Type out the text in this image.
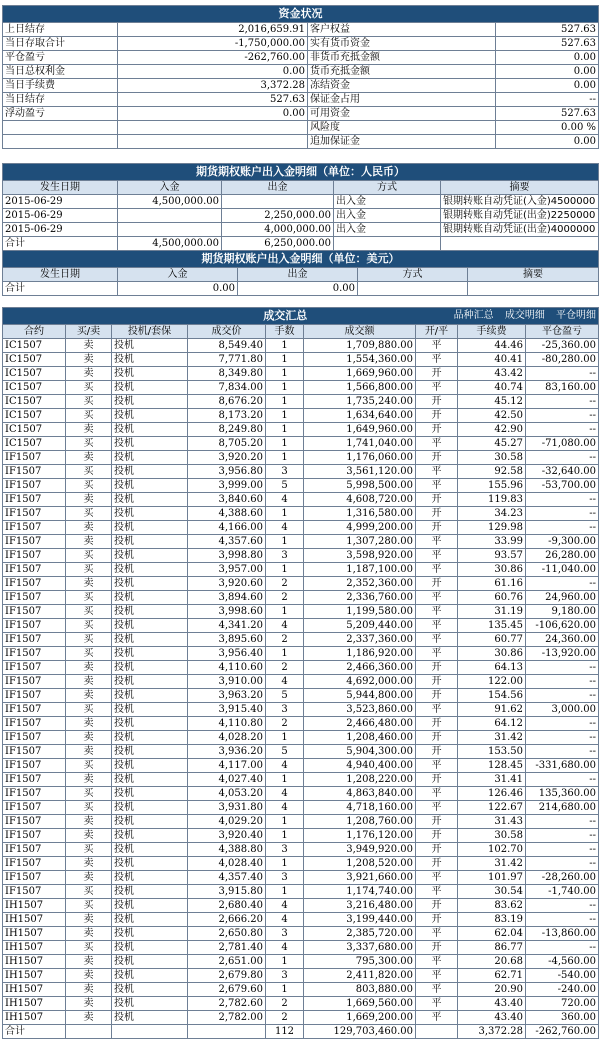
资金状况			
上日结存	2,016,659.91	客户权益	527.63
当日存取合计	-1,750,000.00	实有货币资金	527.63
平仓盈亏	-262,760.00	非货币充抵金额	0.00
当日总权利金	0.00	货币充抵金额	0.00
当日手续费	3,372.28	冻结资金	0.00
当日结存	527.63	保证金占用	--
浮动盈亏	0.00	可用资金	527.63
		风险度	0.00 %
		追加保证金	0.00
期货期权账户出入金明细（单位：人民币）				
发生日期	入金	出金	方式	摘要
2015-06-29	4,500,000.00		出入金	银期转账自动凭证(入金)4500000
2015-06-29		2,250,000.00	出入金	银期转账自动凭证(出金)2250000
2015-06-29		4,000,000.00	出入金	银期转账自动凭证(出金)4000000
合计	4,500,000.00	6,250,000.00		
期货期权账户出入金明细（单位：美元）				
发生日期	入金	出金	方式	摘要
合计	0.00	0.00		
成交汇总 品种汇总 成交明细 平仓明细								

合约	买/卖	投机/套保	成交价	手数	成交额	开/平	手续费	平仓盈亏
IC1507	卖	投机	8,549.40	1	1,709,880.00	平	44.46	-25,360.00
IC1507	卖	投机	7,771.80	1	1,554,360.00	平	40.41	-80,280.00
IC1507	卖	投机	8,349.80	1	1,669,960.00	开	43.42	--
IC1507	买	投机	7,834.00	1	1,566,800.00	平	40.74	83,160.00
IC1507	买	投机	8,676.20	1	1,735,240.00	开	45.12	--
IC1507	买	投机	8,173.20	1	1,634,640.00	开	42.50	--
IC1507	卖	投机	8,249.80	1	1,649,960.00	开	42.90	--
IC1507	买	投机	8,705.20	1	1,741,040.00	平	45.27	-71,080.00
IF1507	卖	投机	3,920.20	1	1,176,060.00	开	30.58	--
IF1507	买	投机	3,956.80	3	3,561,120.00	平	92.58	-32,640.00
IF1507	买	投机	3,999.00	5	5,998,500.00	平	155.96	-53,700.00
IF1507	卖	投机	3,840.60	4	4,608,720.00	开	119.83	--
IF1507	买	投机	4,388.60	1	1,316,580.00	开	34.23	--
IF1507	卖	投机	4,166.00	4	4,999,200.00	开	129.98	--
IF1507	卖	投机	4,357.60	1	1,307,280.00	平	33.99	-9,300.00
IF1507	买	投机	3,998.80	3	3,598,920.00	平	93.57	26,280.00
IF1507	买	投机	3,957.00	1	1,187,100.00	平	30.86	-11,040.00
IF1507	卖	投机	3,920.60	2	2,352,360.00	开	61.16	--
IF1507	买	投机	3,894.60	2	2,336,760.00	平	60.76	24,960.00
IF1507	买	投机	3,998.60	1	1,199,580.00	平	31.19	9,180.00
IF1507	买	投机	4,341.20	4	5,209,440.00	平	135.45	-106,620.00
IF1507	买	投机	3,895.60	2	2,337,360.00	平	60.77	24,360.00
IF1507	买	投机	3,956.40	1	1,186,920.00	平	30.86	-13,920.00
IF1507	卖	投机	4,110.60	2	2,466,360.00	开	64.13	--
IF1507	卖	投机	3,910.00	4	4,692,000.00	开	122.00	--
IF1507	卖	投机	3,963.20	5	5,944,800.00	开	154.56	--
IF1507	买	投机	3,915.40	3	3,523,860.00	平	91.62	3,000.00
IF1507	卖	投机	4,110.80	2	2,466,480.00	开	64.12	--
IF1507	卖	投机	4,028.20	1	1,208,460.00	开	31.42	--
IF1507	卖	投机	3,936.20	5	5,904,300.00	开	153.50	--
IF1507	买	投机	4,117.00	4	4,940,400.00	平	128.45	-331,680.00
IF1507	卖	投机	4,027.40	1	1,208,220.00	开	31.41	--
IF1507	买	投机	4,053.20	4	4,863,840.00	平	126.46	135,360.00
IF1507	买	投机	3,931.80	4	4,718,160.00	平	122.67	214,680.00
IF1507	卖	投机	4,029.20	1	1,208,760.00	开	31.43	--
IF1507	卖	投机	3,920.40	1	1,176,120.00	开	30.58	--
IF1507	买	投机	4,388.80	3	3,949,920.00	开	102.70	--
IF1507	卖	投机	4,028.40	1	1,208,520.00	开	31.42	--
IF1507	卖	投机	4,357.40	3	3,921,660.00	平	101.97	-28,260.00
IF1507	买	投机	3,915.80	1	1,174,740.00	平	30.54	-1,740.00
IH1507	买	投机	2,680.40	4	3,216,480.00	开	83.62	--
IH1507	卖	投机	2,666.20	4	3,199,440.00	开	83.19	--
IH1507	卖	投机	2,650.80	3	2,385,720.00	平	62.04	-13,860.00
IH1507	买	投机	2,781.40	4	3,337,680.00	开	86.77	--
IH1507	卖	投机	2,651.00	1	795,300.00	平	20.68	-4,560.00
IH1507	卖	投机	2,679.80	3	2,411,820.00	平	62.71	-540.00
IH1507	卖	投机	2,679.60	1	803,880.00	平	20.90	-240.00
IH1507	卖	投机	2,782.60	2	1,669,560.00	平	43.40	720.00
IH1507	卖	投机	2,782.00	2	1,669,200.00	平	43.40	360.00
合计				112	129,703,460.00		3,372.28	-262,760.00
